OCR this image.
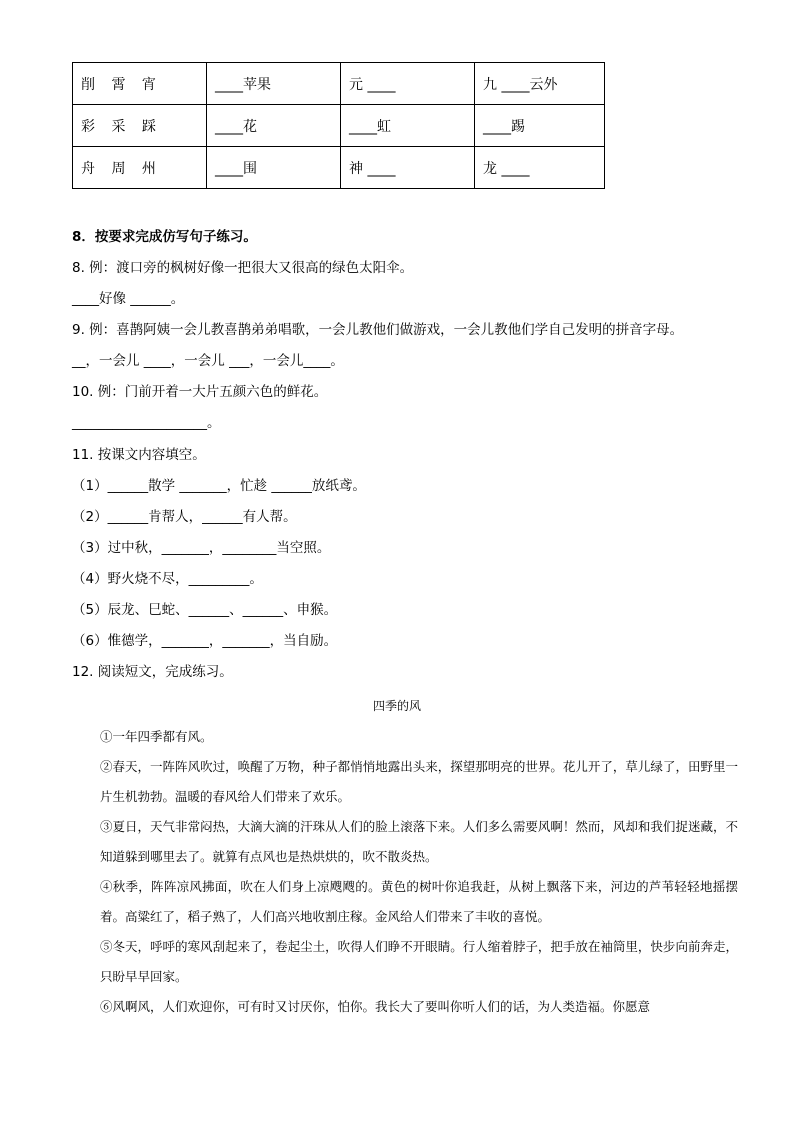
削 霄 宵	____苹果	元 ____	九 ____云外
彩 采 踩	____花	____虹	____踢
舟 周 州	____围	神 ____	龙 ____
8．按要求完成仿写句子练习。
8. 例：渡口旁的枫树好像一把很大又很高的绿色太阳伞。
____好像 ______。
9. 例：喜鹊阿姨一会儿教喜鹊弟弟唱歌，一会儿教他们做游戏，一会儿教他们学自己发明的拼音字母。
__，一会儿 ____，一会儿 ___，一会儿____。
10. 例：门前开着一大片五颜六色的鲜花。
____________________。
11. 按课文内容填空。
（1）______散学 _______，忙趁 ______放纸鸢。
（2）______肯帮人，______有人帮。
（3）过中秋，_______，________当空照。
（4）野火烧不尽，_________。
（5）辰龙、巳蛇、______、______、申猴。
（6）惟德学，_______，_______，当自励。
12. 阅读短文，完成练习。
四季的风
①一年四季都有风。
②春天，一阵阵风吹过，唤醒了万物，种子都悄悄地露出头来，探望那明亮的世界。花儿开了，草儿绿了，田野里一片生机勃勃。温暖的春风给人们带来了欢乐。
③夏日，天气非常闷热，大滴大滴的汗珠从人们的脸上滚落下来。人们多么需要风啊！然而，风却和我们捉迷藏，不知道躲到哪里去了。就算有点风也是热烘烘的，吹不散炎热。
④秋季，阵阵凉风拂面，吹在人们身上凉飕飕的。黄色的树叶你追我赶，从树上飘落下来，河边的芦苇轻轻地摇摆着。高粱红了，稻子熟了，人们高兴地收割庄稼。金风给人们带来了丰收的喜悦。
⑤冬天，呼呼的寒风刮起来了，卷起尘土，吹得人们睁不开眼睛。行人缩着脖子，把手放在袖筒里，快步向前奔走，只盼早早回家。
⑥风啊风，人们欢迎你，可有时又讨厌你，怕你。我长大了要叫你听人们的话，为人类造福。你愿意
